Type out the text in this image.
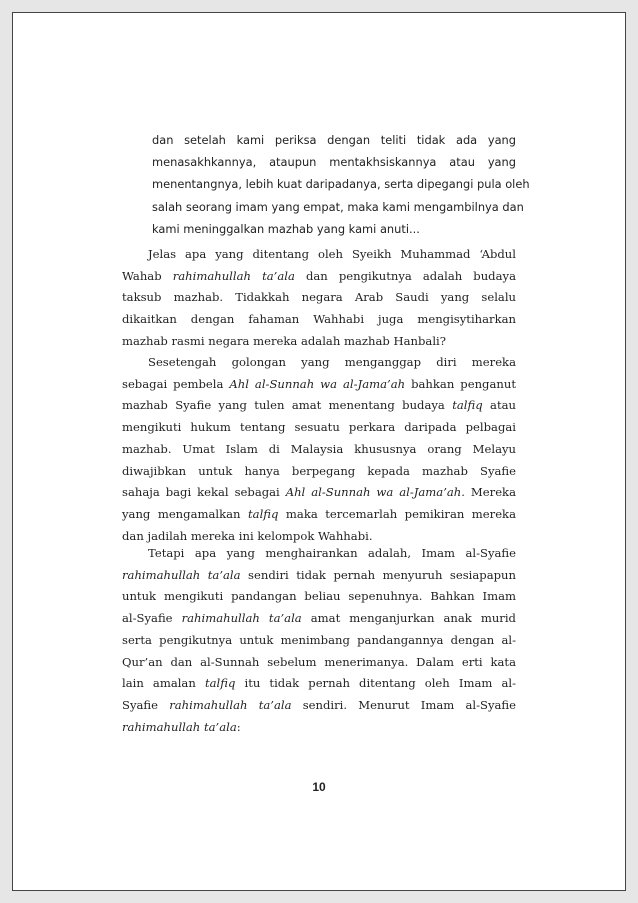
dan setelah kami periksa dengan teliti tidak ada yang
menasakhkannya, ataupun mentakhsiskannya atau yang
menentangnya, lebih kuat daripadanya, serta dipegangi pula oleh
salah seorang imam yang empat, maka kami mengambilnya dan
kami meninggalkan mazhab yang kami anuti...
Jelas apa yang ditentang oleh Syeikh Muhammad ‘Abdul
Wahab rahimahullah ta’ala dan pengikutnya adalah budaya
taksub mazhab. Tidakkah negara Arab Saudi yang selalu
dikaitkan dengan fahaman Wahhabi juga mengisytiharkan
mazhab rasmi negara mereka adalah mazhab Hanbali?
Sesetengah golongan yang menganggap diri mereka
sebagai pembela Ahl al-Sunnah wa al-Jama’ah bahkan penganut
mazhab Syafie yang tulen amat menentang budaya talfiq atau
mengikuti hukum tentang sesuatu perkara daripada pelbagai
mazhab. Umat Islam di Malaysia khususnya orang Melayu
diwajibkan untuk hanya berpegang kepada mazhab Syafie
sahaja bagi kekal sebagai Ahl al-Sunnah wa al-Jama’ah. Mereka
yang mengamalkan talfiq maka tercemarlah pemikiran mereka
dan jadilah mereka ini kelompok Wahhabi.
Tetapi apa yang menghairankan adalah, Imam al-Syafie
rahimahullah ta’ala sendiri tidak pernah menyuruh sesiapapun
untuk mengikuti pandangan beliau sepenuhnya. Bahkan Imam
al-Syafie rahimahullah ta’ala amat menganjurkan anak murid
serta pengikutnya untuk menimbang pandangannya dengan al-
Qur’an dan al-Sunnah sebelum menerimanya. Dalam erti kata
lain amalan talfiq itu tidak pernah ditentang oleh Imam al-
Syafie rahimahullah ta’ala sendiri. Menurut Imam al-Syafie
rahimahullah ta’ala:
10
